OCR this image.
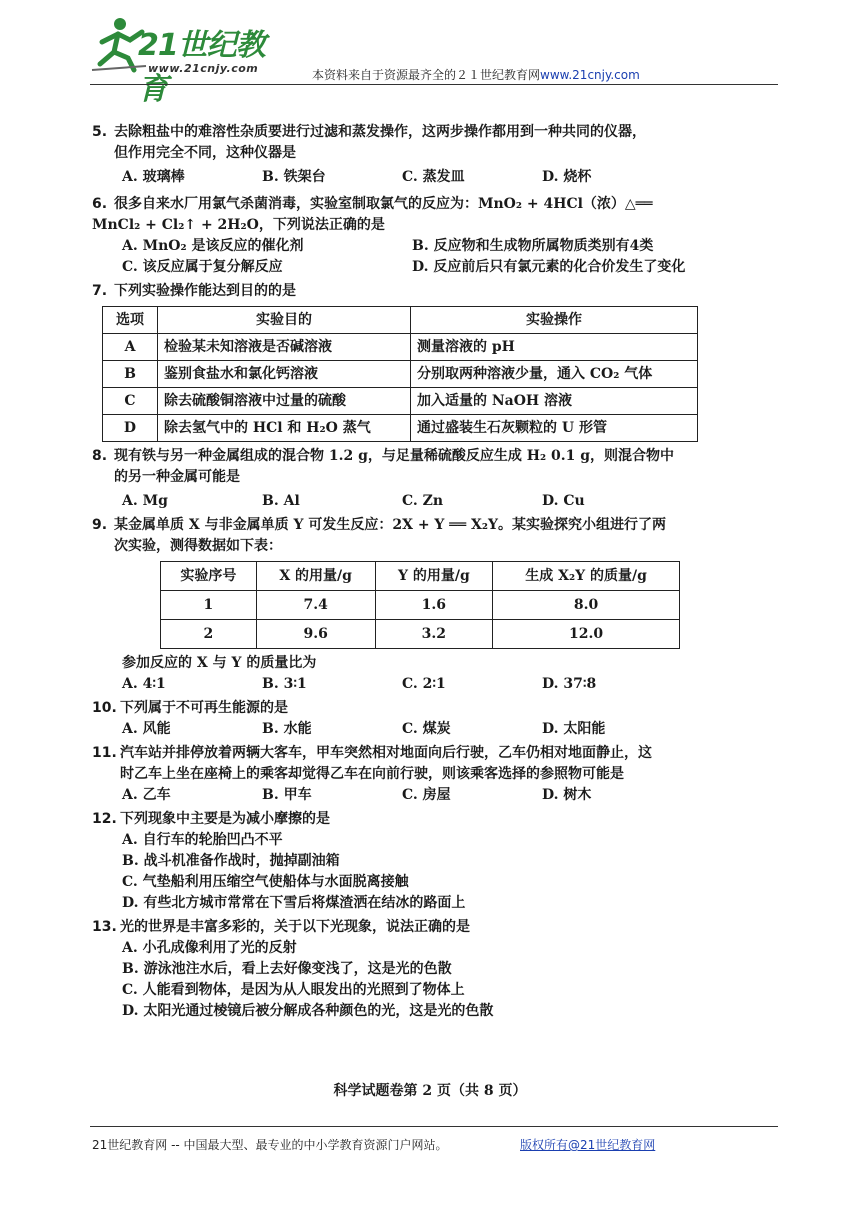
21世纪教育
www.21cnjy.com	本资料来自于资源最齐全的２１世纪教育网www.21cnjy.com
5. 去除粗盐中的难溶性杂质要进行过滤和蒸发操作，这两步操作都用到一种共同的仪器，
但作用完全不同，这种仪器是
A. 玻璃棒	B. 铁架台	C. 蒸发皿	D. 烧杯
6. 很多自来水厂用氯气杀菌消毒，实验室制取氯气的反应为：MnO₂ + 4HCl（浓）△══
MnCl₂ + Cl₂↑ + 2H₂O，下列说法正确的是
A. MnO₂ 是该反应的催化剂	B. 反应物和生成物所属物质类别有4类
C. 该反应属于复分解反应	D. 反应前后只有氯元素的化合价发生了变化
7. 下列实验操作能达到目的的是
选项	实验目的	实验操作
A	检验某未知溶液是否碱溶液	测量溶液的 pH
B	鉴别食盐水和氯化钙溶液	分别取两种溶液少量，通入 CO₂ 气体
C	除去硫酸铜溶液中过量的硫酸	加入适量的 NaOH 溶液
D	除去氢气中的 HCl 和 H₂O 蒸气	通过盛装生石灰颗粒的 U 形管
8. 现有铁与另一种金属组成的混合物 1.2 g，与足量稀硫酸反应生成 H₂ 0.1 g，则混合物中
的另一种金属可能是
A. Mg	B. Al	C. Zn	D. Cu
9. 某金属单质 X 与非金属单质 Y 可发生反应：2X + Y ══ X₂Y。某实验探究小组进行了两
次实验，测得数据如下表：
实验序号	X 的用量/g	Y 的用量/g	生成 X₂Y 的质量/g
1	7.4	1.6	8.0
2	9.6	3.2	12.0
参加反应的 X 与 Y 的质量比为
A. 4∶1	B. 3∶1	C. 2∶1	D. 37∶8
10. 下列属于不可再生能源的是
A. 风能	B. 水能	C. 煤炭	D. 太阳能
11. 汽车站并排停放着两辆大客车，甲车突然相对地面向后行驶，乙车仍相对地面静止，这
时乙车上坐在座椅上的乘客却觉得乙车在向前行驶，则该乘客选择的参照物可能是
A. 乙车	B. 甲车	C. 房屋	D. 树木
12. 下列现象中主要是为减小摩擦的是
A. 自行车的轮胎凹凸不平
B. 战斗机准备作战时，抛掉副油箱
C. 气垫船利用压缩空气使船体与水面脱离接触
D. 有些北方城市常常在下雪后将煤渣洒在结冰的路面上
13. 光的世界是丰富多彩的，关于以下光现象，说法正确的是
A. 小孔成像利用了光的反射
B. 游泳池注水后，看上去好像变浅了，这是光的色散
C. 人能看到物体，是因为从人眼发出的光照到了物体上
D. 太阳光通过棱镜后被分解成各种颜色的光，这是光的色散
科学试题卷第 2 页（共 8 页）
21世纪教育网 -- 中国最大型、最专业的中小学教育资源门户网站。	版权所有@21世纪教育网
